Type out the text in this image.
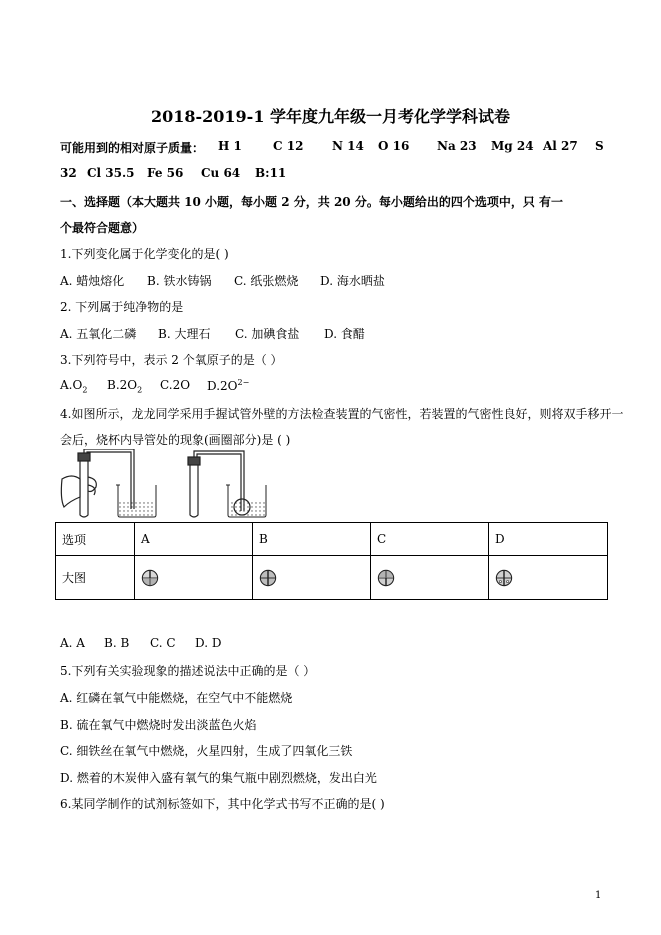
2018-2019-1 学年度九年级一月考化学学科试卷
可能用到的相对原子质量： H 1	C 12 N 14 O 16 Na 23 Mg 24 Al 27 S
32 Cl 35.5 Fe 56 Cu 64 B:11
一、选择题（本大题共 10 小题，每小题 2 分，共 20 分。每小题给出的四个选项中，只 有一
个最符合题意）
1.下列变化属于化学变化的是( )
A. 蜡烛熔化 B. 铁水铸锅 C. 纸张燃烧 D. 海水晒盐
2. 下列属于纯净物的是
A. 五氧化二磷 B. 大理石 C. 加碘食盐 D. 食醋
3.下列符号中，表示 2 个氧原子的是（ ）
$A.O_2$ $B.2O_2$ C.2O $D.2O^{2-}$
4.如图所示，龙龙同学采用手握试管外壁的方法检查装置的气密性，若装置的气密性良好，则将双手移开一
会后，烧杯内导管处的现象(画圈部分)是 ( )
选项	A	B	C	D
大图				
A. A B. B C. C D. D
5.下列有关实验现象的描述说法中正确的是（ ）
A. 红磷在氧气中能燃烧，在空气中不能燃烧
B. 硫在氧气中燃烧时发出淡蓝色火焰
C. 细铁丝在氧气中燃烧，火星四射，生成了四氧化三铁
D. 燃着的木炭伸入盛有氧气的集气瓶中剧烈燃烧，发出白光
6.某同学制作的试剂标签如下，其中化学式书写不正确的是( )
1
